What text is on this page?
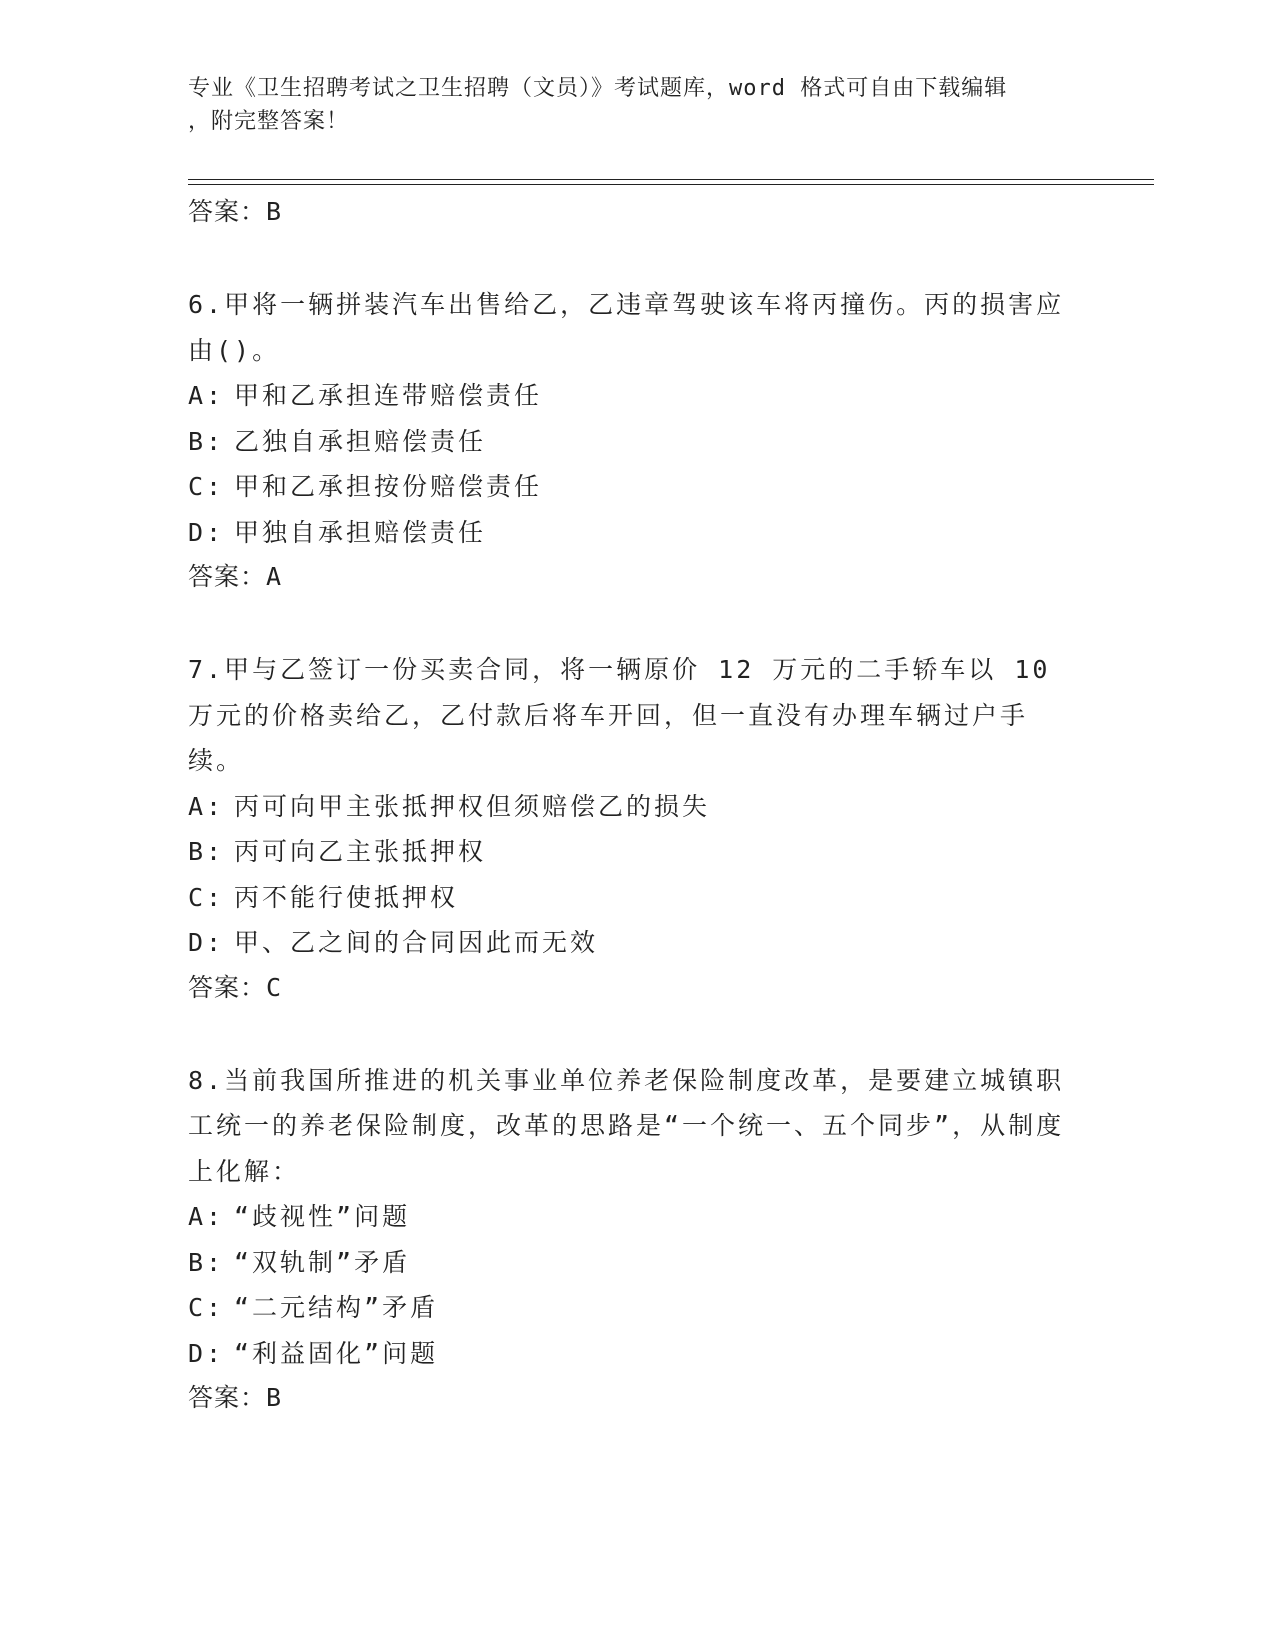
专业《卫生招聘考试之卫生招聘（文员）》考试题库，word 格式可自由下载编辑
，附完整答案！
答案：B
6.甲将一辆拼装汽车出售给乙，乙违章驾驶该车将丙撞伤。丙的损害应由()。
A: 甲和乙承担连带赔偿责任
B: 乙独自承担赔偿责任
C: 甲和乙承担按份赔偿责任
D: 甲独自承担赔偿责任
答案：A
7.甲与乙签订一份买卖合同，将一辆原价 12 万元的二手轿车以 10 万元的价格卖给乙，乙付款后将车开回，但一直没有办理车辆过户手续。
A: 丙可向甲主张抵押权但须赔偿乙的损失
B: 丙可向乙主张抵押权
C: 丙不能行使抵押权
D: 甲、乙之间的合同因此而无效
答案：C
8.当前我国所推进的机关事业单位养老保险制度改革，是要建立城镇职工统一的养老保险制度，改革的思路是“一个统一、五个同步”，从制度上化解：
A: “歧视性”问题
B: “双轨制”矛盾
C: “二元结构”矛盾
D: “利益固化”问题
答案：B
